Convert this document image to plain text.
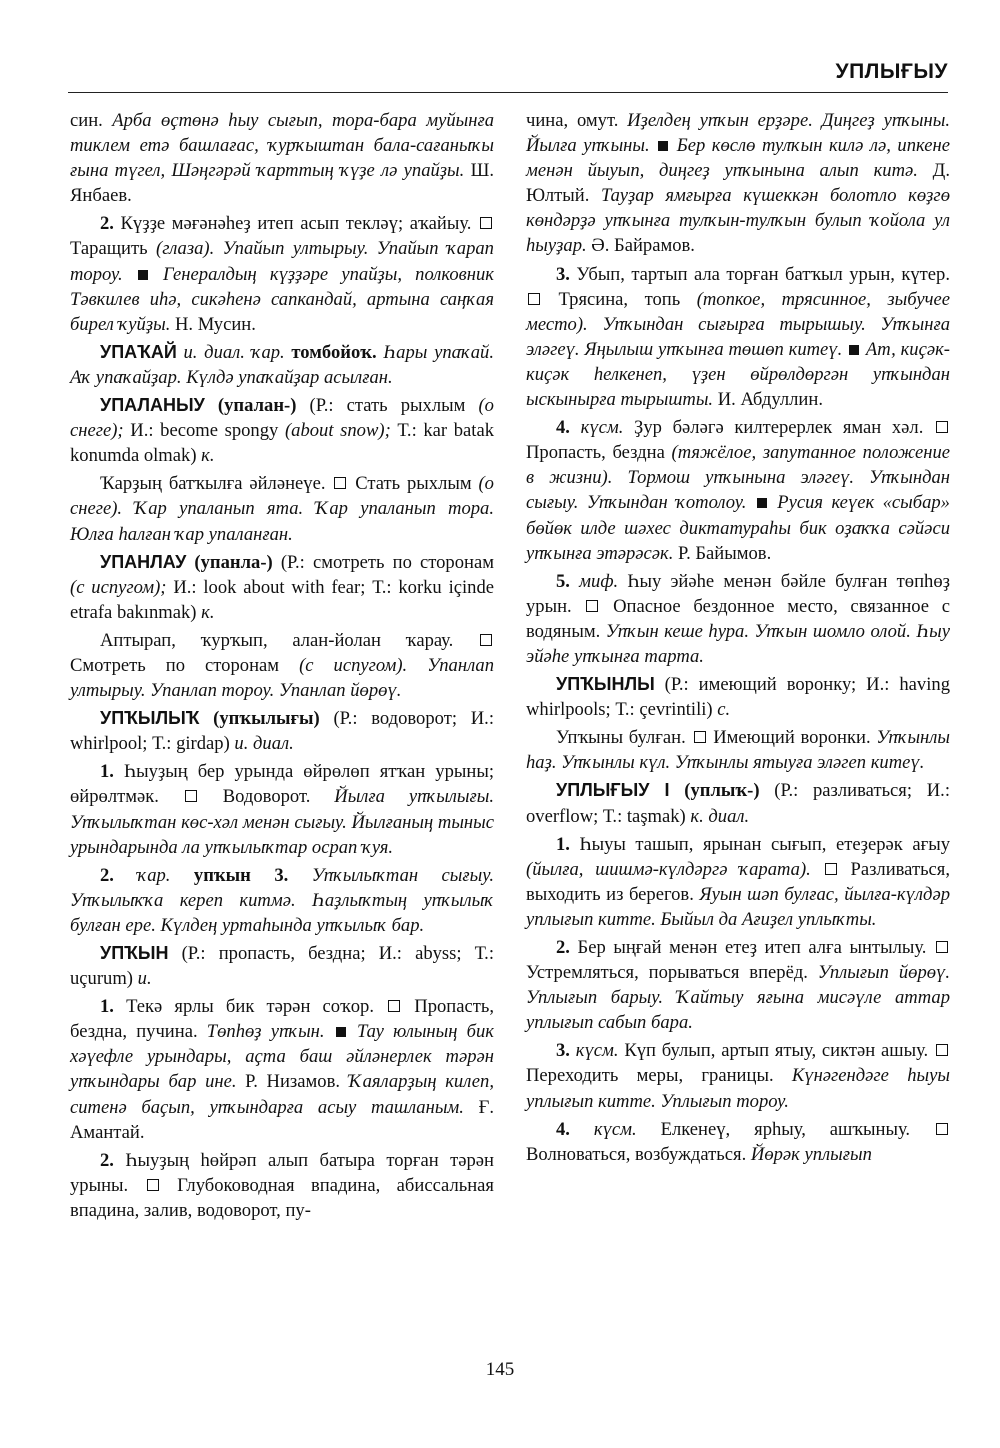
УПЛЫҒЫУ

син. Арба өҫтөнә һыу сығып, тора-бара муйынға тиклем етә башлағас, ҡурҡыштан бала-сағаныҡы ғына түгел, Шәңгәрәй ҡарттың ҡүҙе лә упайҙы. Ш. Янбаев.

2. Күҙҙе мәғәнәһеҙ итеп асып текләү; аҡайыу.  Таращить (глаза). Упайып ултырыу. Упайып ҡарап тороу. Генералдың күҙҙәре упайҙы, полковник Тәвкилев иһә, сикәһенә сапкандай, артына саңҡая бирел ҡуйҙы. Н. Мусин.

УПАҠАЙ и. диал. ҡар. томбойоҡ. Һары упаҡай. Аҡ упаҡайҙар. Күлдә упаҡайҙар асылған.

УПАЛАНЫУ (упалан-) (Р.: стать рыхлым (о снеге); И.: become spongy (about snow); Т.: kar batak konumda olmak) к.

Ҡарҙың батҡылға әйләнеүе.  Стать рыхлым (о снеге). Ҡар упаланып ята. Ҡар упаланып тора. Юлға һалған ҡар упаланған.

УПАНЛАУ (упанла-) (Р.: смотреть по сторонам (с испугом); И.: look about with fear; Т.: korku içinde etrafa bakınmak) к.

Аптырап, ҡурҡып, алан-йолан ҡарау.  Смотреть по сторонам (с испугом). Упанлап ултырыу. Упанлап тороу. Упанлап йөрөү.

УПҠЫЛЫҠ (упҡылығы) (Р.: водоворот; И.: whirlpool; Т.: girdap) и. диал.

1. Һыуҙың бер урында өйрөлөп ятҡан урыны; өйрөлтмәк.  Водоворот. Йылға упҡылығы. Упҡылыҡтан көс-хәл менән сығыу. Йылғаның тыныс урындарында ла упҡылыҡтар осрап ҡуя.

2. ҡар. упҡын 3. Упҡылыҡтан сығыу. Упҡылыҡҡа кереп китмә. Һаҙлыҡтың упҡылыҡ булған ере. Күлдең уртаһында упҡылыҡ бар.

УПҠЫН (Р.: пропасть, бездна; И.: abyss; Т.: uçurum) и.

1. Текә ярлы бик тәрән соҡор.  Пропасть, бездна, пучина. Төпһөҙ упҡын. Тау юлының бик хәүефле урындары, аҫта баш әйләнерлек тәрән упҡындары бар ине. Р. Низамов. Ҡаяларҙың килеп, ситенә баҫып, упҡындарға асыу ташланым. Ғ. Амантай.

2. Һыуҙың һөйрәп алып батыра торған тәрән урыны.  Глубоководная впадина, абиссальная впадина, залив, водоворот, пу-

чина, омут. Иҙелдең упҡын ерҙәре. Диңгеҙ упҡыны. Йылға упҡыны. Бер көслө тулҡын килә лә, ипкене менән йыуып, диңгеҙ упҡынына алып китә. Д. Юлтый. Тауҙар ямғырға күшеккән болотло көҙгө көндәрҙә упҡынға тулҡын-тулҡын булып ҡойола ул һыуҙар. Ә. Байрамов.

3. Убып, тартып ала торған батҡыл урын, күтер.  Трясина, топь (топкое, трясинное, зыбучее место). Упҡындан сығырға тырышыу. Упҡынға эләгеү. Яңылыш упҡынға төшөп китеү. Ат, киҫәк-киҫәк һелкенеп, үҙен өйрөлдөргән упҡындан ыскынырға тырышты. И. Абдуллин.

4. күсм. Ҙур бәләгә килтерерлек яман хәл.  Пропасть, бездна (тяжёлое, запутанное положение в жизни). Тормош упҡынына эләгеү. Упҡындан сығыу. Упҡындан ҡотолоу. Русия кеүек «сыбар» бөйөк илде шәхес диктатураһы бик оҙаҡҡа сәйәси упҡынға этәрәсәк. Р. Байымов.

5. миф. Һыу эйәһе менән бәйле булған төпһөҙ урын.  Опасное бездонное место, связанное с водяным. Упҡын кеше һура. Упҡын шомло олой. Һыу эйәһе упҡынға тарта.

УПҠЫНЛЫ (Р.: имеющий воронку; И.: having whirlpools; Т.: çevrintili) с.

Упҡыны булған.  Имеющий воронки. Упҡынлы һаҙ. Упҡынлы күл. Упҡынлы ятыуға эләгеп китеү.

УПЛЫҒЫУ I (уплыҡ-) (Р.: разливаться; И.: overflow; Т.: taşmak) к. диал.

1. Һыуы ташып, ярынан сығып, етеҙерәк ағыу (йылға, шишмә-күлдәргә ҡарата).  Разливаться, выходить из берегов. Яуын шәп булғас, йылға-күлдәр уплығып китте. Быйыл да Ағиҙел уплыҡты.

2. Бер ыңғай менән етеҙ итеп алға ынтылыу.  Устремляться, порываться вперёд. Уплығып йөрөү. Уплығып барыу. Ҡайтыу яғына мисәүле аттар уплығып сабып бара.

3. күсм. Күп булып, артып ятыу, сиктән ашыу.  Переходить меры, границы. Күнәгендәге һыуы уплығып китте. Уплығып тороу.

4. күсм. Елкенеү, ярһыу, ашҡыныу.  Волноваться, возбуждаться. Йөрәк уплығып

145
